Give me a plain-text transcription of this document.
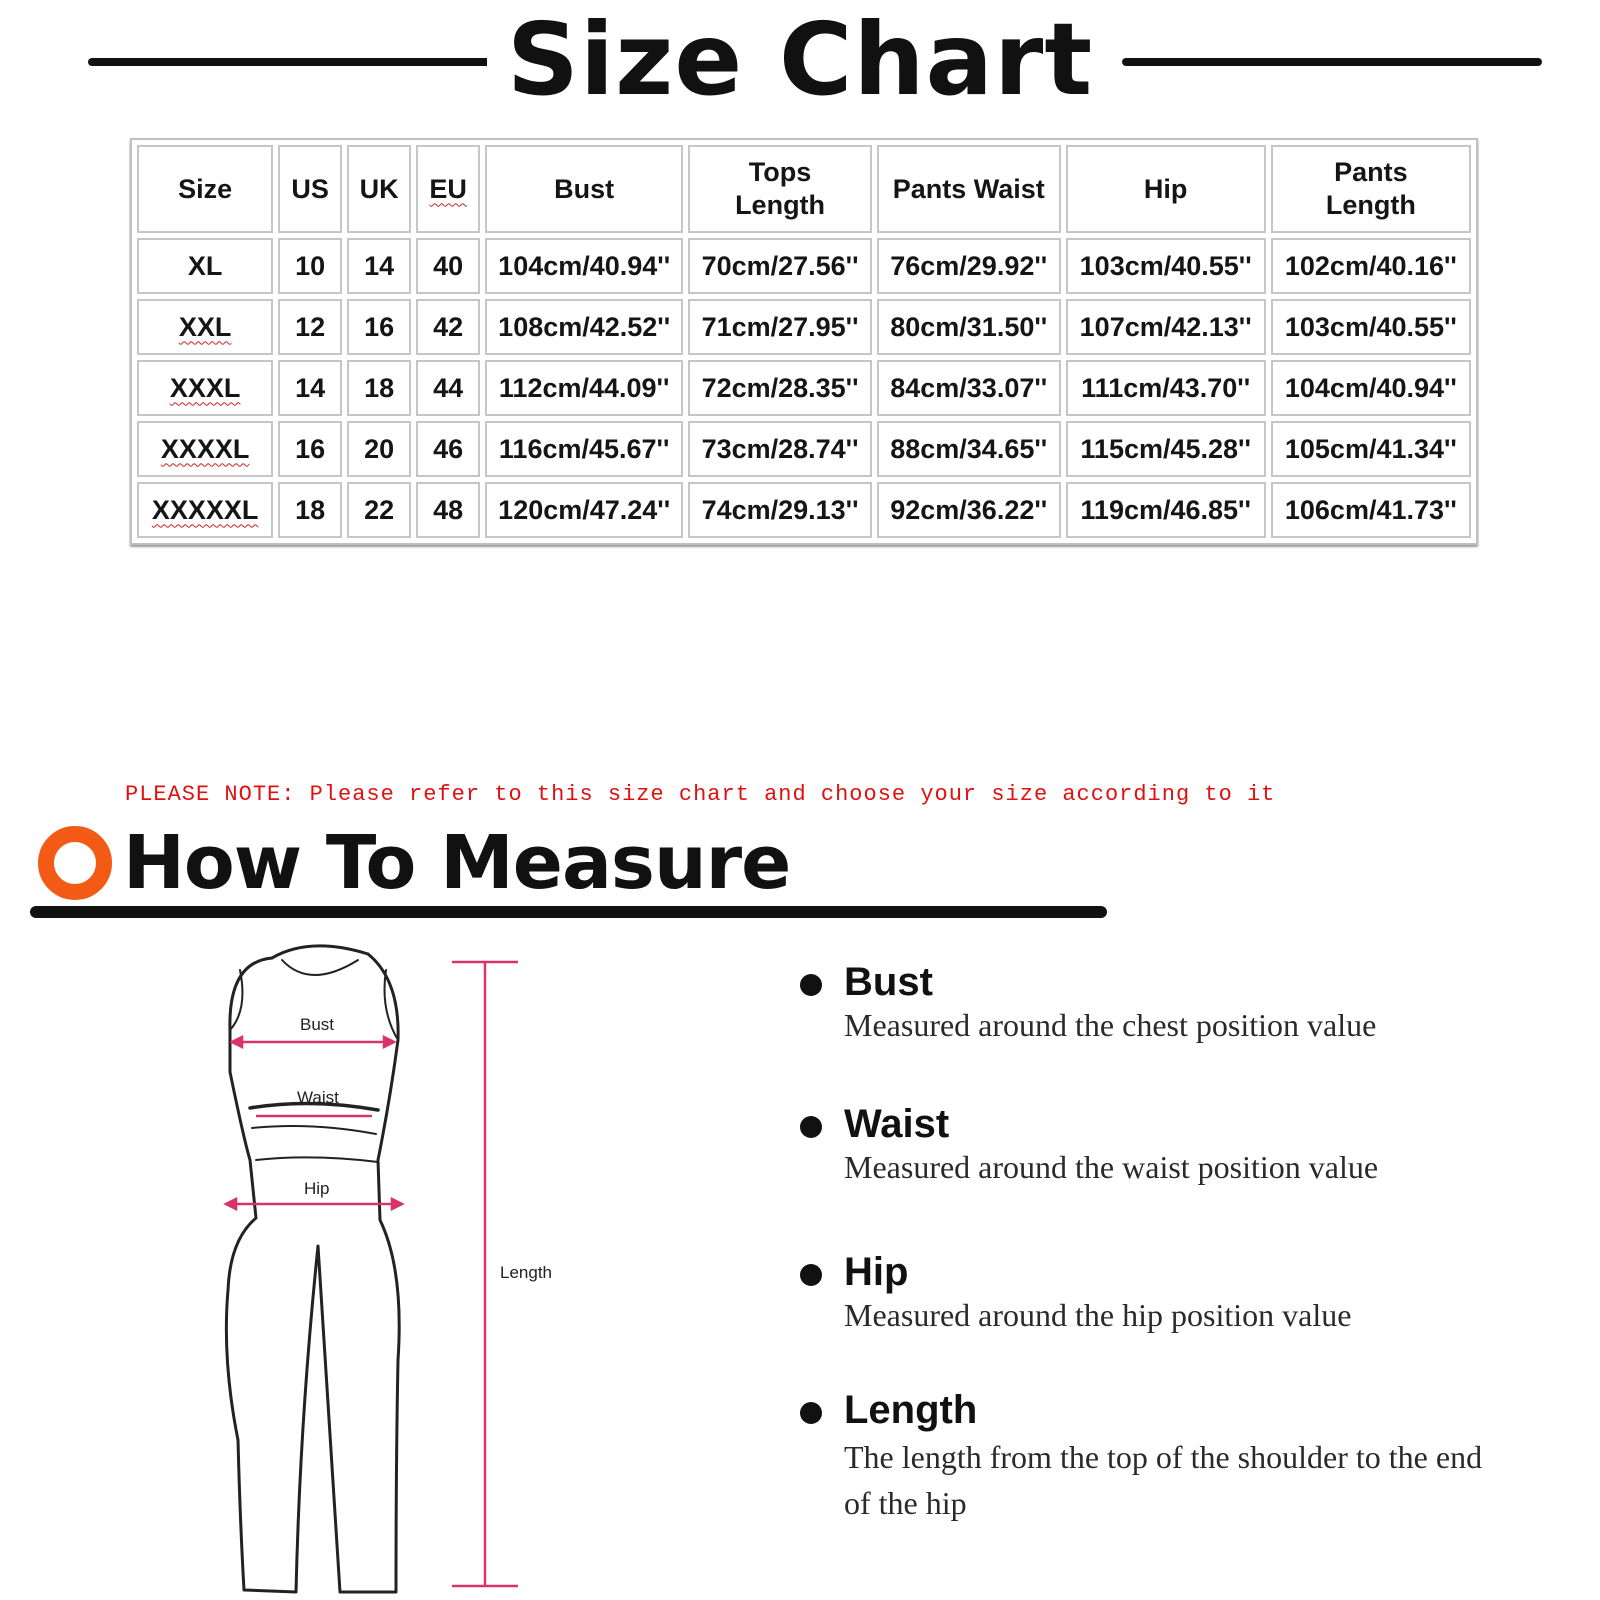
Size Chart
Size	US	UK	EU	Bust	Tops Length	Pants Waist	Hip	Pants Length
XL	10	14	40	104cm/40.94''	70cm/27.56''	76cm/29.92''	103cm/40.55''	102cm/40.16''
XXL	12	16	42	108cm/42.52''	71cm/27.95''	80cm/31.50''	107cm/42.13''	103cm/40.55''
XXXL	14	18	44	112cm/44.09''	72cm/28.35''	84cm/33.07''	111cm/43.70''	104cm/40.94''
XXXXL	16	20	46	116cm/45.67''	73cm/28.74''	88cm/34.65''	115cm/45.28''	105cm/41.34''
XXXXXL	18	22	48	120cm/47.24''	74cm/29.13''	92cm/36.22''	119cm/46.85''	106cm/41.73''
PLEASE NOTE: Please refer to this size chart and choose your size according to it
How To Measure
Bust
Waist
Hip
Length
Bust
Measured around the chest position value
Waist
Measured around the waist position value
Hip
Measured around the hip position value
Length
The length from the top of the shoulder to the end of the hip
